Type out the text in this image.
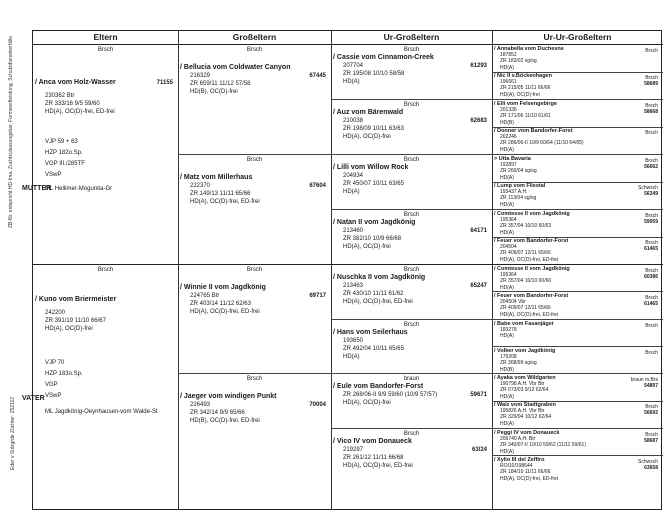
ZB-Nr. entspricht HD-Ima, Zuchtzulassungsbar, Formwertleistung, Schutzdienstverfälle MUTTER
VATER
Eder v Sülzgrde Züchter: 252112
Eltern	Großeltern	Ur-Großeltern	Ur-Ur-Großeltern
Brsch
/ Anca vom Holz-Wasser	71155
230362 Btr
ZR 333/16 9/5 59/60
HD(A), OC(D)-frei, ED-frei
VJP 59 + 63
HZP 182o.Sp.
VGP III./285TF
VSwP
ML Hellimer-Moguntia-Gr
Brsch
/ Kuno vom Briermeister
242200
ZR 391/19 11/10 66/67
HD(A), OC(D)-frei
VJP 70
HZP 183o.Sp.
VGP
VSwP
ML Jagdkönig-Oeynhausen-vom Walde-St
Brsch
/ Bellucia vom Coldwater Canyon
216329	67445
ZR 659/11 11/12 57/58
HD(B), OC(D)-frei
Brsch
/ Matz vom Millerhaus
222370	67604
ZR 149/13 11/11 65/66
HD(A), OC(D)-frei, ED-frei
Brsch
/ Winnie II vom Jagdkönig
224765 Btr	69717
ZR 403/14 11/12 62/63
HD(A), OC(D)-frei, ED-frei
Brsch
/ Jaeger vom windigen Punkt
226493	70004
ZR 342/14 9/9 65/66
HD(B), OC(D)-frei, ED-frei
Brsch
/ Cassie vom Cinnamon-Creek
207704	61293
ZR 195/08 10/10 58/58
HD(A)
Brsch
/ Auz vom Bärenwald
210038	62683
ZR 198/09 10/11 63/63
HD(A), OC(D)-frei
Brsch
/ Lilli vom Willow Rock
204934
ZR 450/07 10/11 63/65
HD(A)
Brsch
/ Natan II vom Jagdkönig
213460	64171
ZR 382/10 10/9 66/68
HD(A), OC(D)-frei
Brsch
/ Nuschka II vom Jagdkönig
213463	65247
ZR 430/10 11/11 61/62
HD(A), OC(D)-frei, ED-frei
Brsch
/ Hans vom Seilerhaus
193650
ZR 492/04 10/11 65/65
HD(A)
braun
/ Eule vom Bandorfer-Forst
59671
ZR 268/06-II 9/9 59/60 (10/9 57/57)
HD(A), OC(D)-frei
Brsch
/ Vico IV vom Donaueck
219297	63/24
ZR 261/12 11/11 66/68
HD(A), OC(D)-frei, ED-frei
Brsch
/ Annabella vom Duchesne
187852
ZR 183/02 sg/sg
HD(A)
Brsch
/ Nic II v.Böckenhagen
196661	58689
ZR 215/05 11/11 66/66
HD(A), OC(D)-frei
Brsch
/ Elli vom Felsengebirge
201336	58668
ZR 171/06 11/10 61/61
HD(B)
Brsch
/ Donner vom Bandorfer-Forst
202246
ZR 286/06-II 10/9 60/64 (11/10 64/65)
HD(A)
Brsch
> Utta Bavaria
192897	56662
ZR 260/04 sg/sg
HD(A)
Schwsch
/ Lump vom Fliestal
193437 A.H.	56349
ZR 113/04 sg/sg
HD(A)
Brsch
/ Comtesse II vom Jagdkönig
195364	59059
ZR 357/04 10/10 60/63
HD(A)
Brsch
/ Feuer vom Bandorfer-Forst
204504	61465
ZR 409/07 12/11 65/66
HD(A), OC(D)-frei, ED-frei
Brsch
/ Comtesse II vom Jagdkönig
195364	60386
ZR 357/04 10/10 60/60
HD(A)
Brsch
/ Feuer vom Bandorfer-Forst
204504 Vbr	61465
ZR 409/07 12/11 65/66
HD(A), OC(D)-frei, ED-frei
Brsch
/ Babe vom Fasanjäger
183278
HD(A)
Brsch
/ Volker vom Jagdkönig
179208
ZR 368/99 sg/sg
HD(B)
braun m.Brs
/ Ayaka vom Wildgarten
190798 A.H. Vbr Btr	54897
ZR 073/03 9/12 62/64
HD(A)
Brsch
/ Walz vom Stadtgraben
195826 A.H. Vbr Btr	56692
ZR 329/04 10/12 62/64
HD(A)
Brsch
/ Peggi IV vom Donaueck
206740 A.H. Btr	58687
ZR 340/07-II 10/10 59/62 (11/11 59/61)
HD(A)
Schwsch
/ Xylio III del Zeffiro
ROI10/198644	63658
ZR 184/10 11/11 66/66
HD(A), OC(D)-frei, ED-frei
